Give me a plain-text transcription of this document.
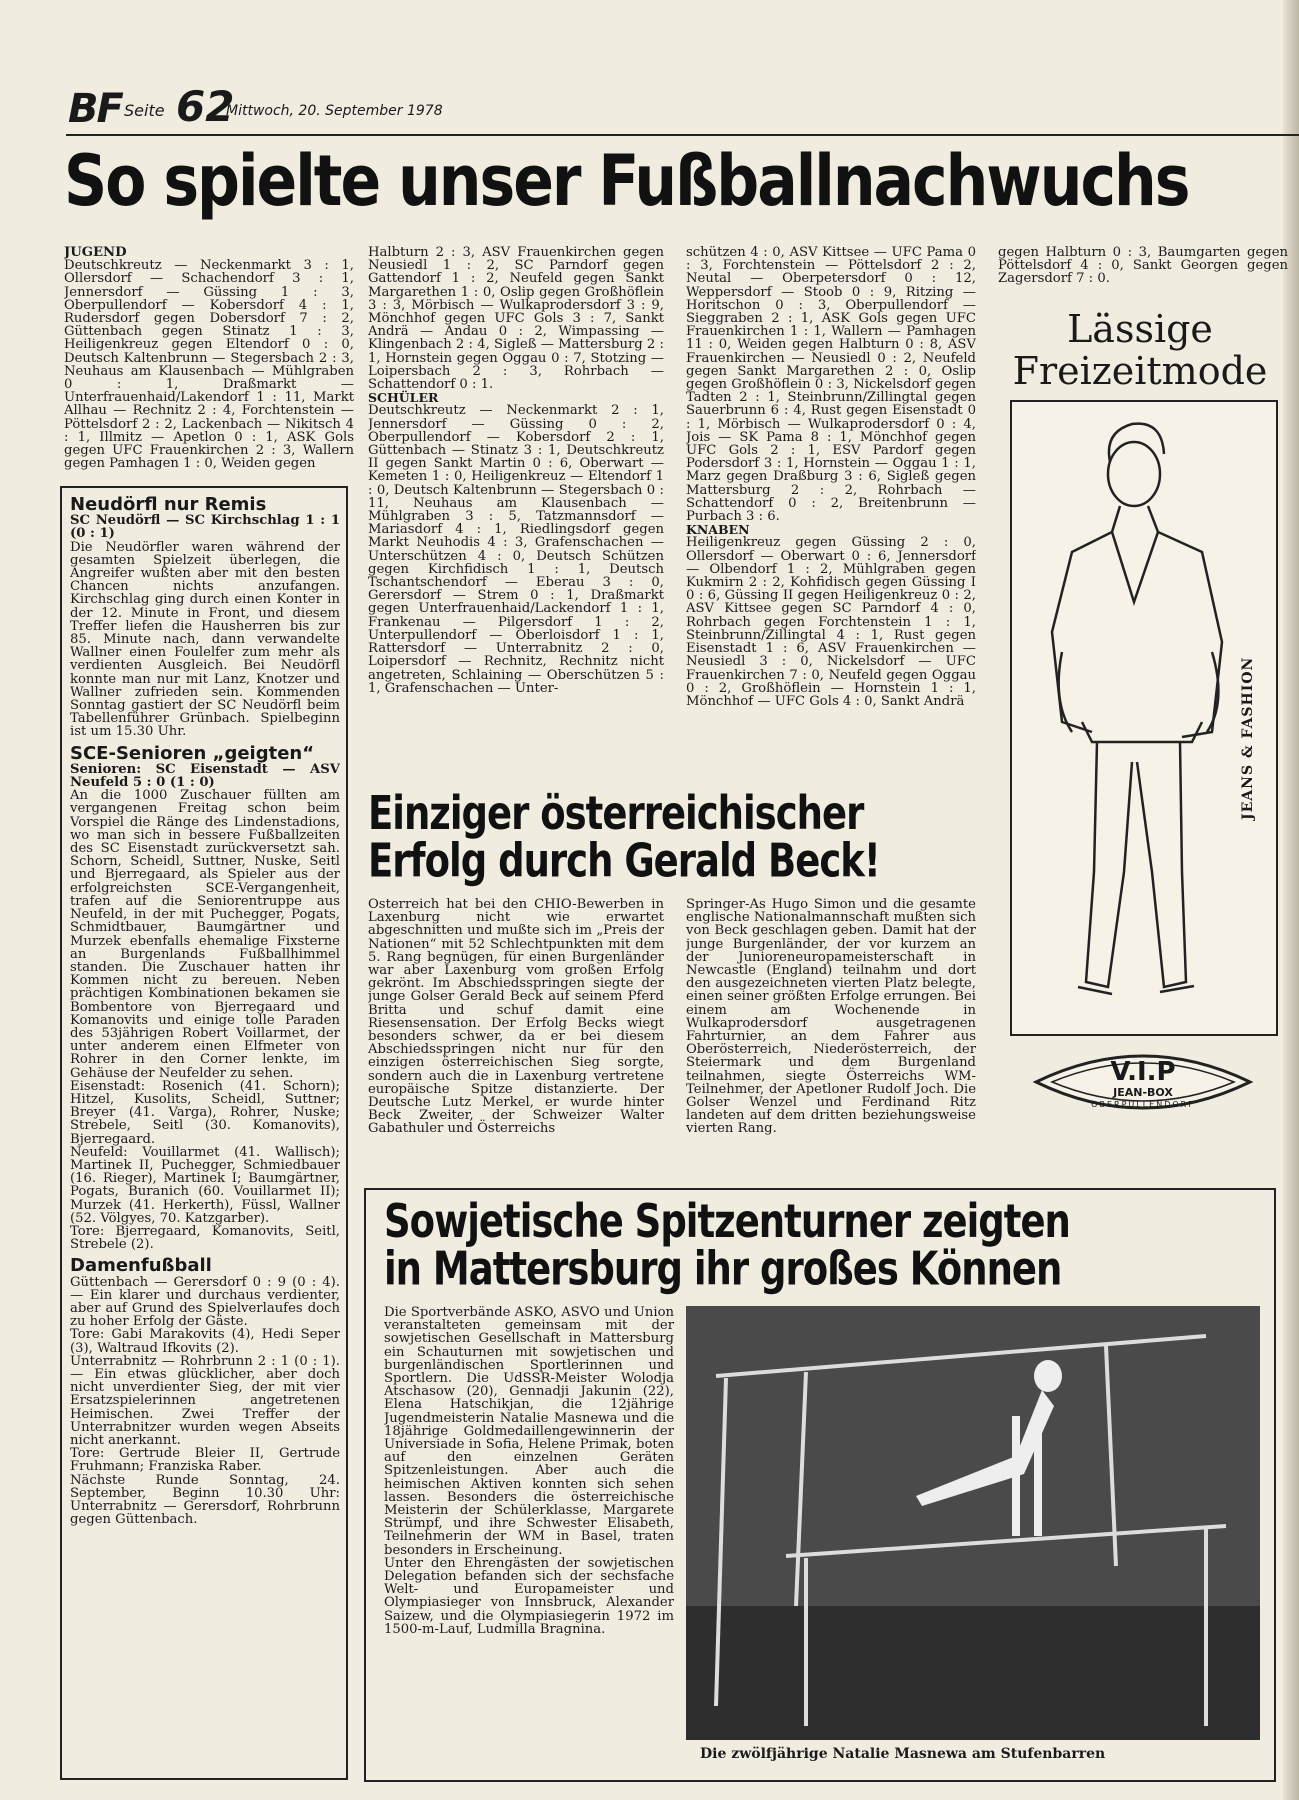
BF Seite 62
Mittwoch, 20. September 1978
So spielte unser Fußballnachwuchs

JUGEND

Deutschkreutz — Neckenmarkt 3 : 1, Ollersdorf — Schachendorf 3 : 1, Jennersdorf — Güssing 1 : 3, Oberpullendorf — Kobersdorf 4 : 1, Rudersdorf gegen Dobersdorf 7 : 2, Güttenbach gegen Stinatz 1 : 3, Heiligenkreuz gegen Eltendorf 0 : 0, Deutsch Kaltenbrunn — Stegersbach 2 : 3, Neuhaus am Klausenbach — Mühlgraben 0 : 1, Draßmarkt — Unterfrauenhaid/Lakendorf 1 : 11, Markt Allhau — Rechnitz 2 : 4, Forchtenstein — Pöttelsdorf 2 : 2, Lackenbach — Nikitsch 4 : 1, Illmitz — Apetlon 0 : 1, ASK Gols gegen UFC Frauenkirchen 2 : 3, Wallern gegen Pamhagen 1 : 0, Weiden gegen

Neudörfl nur Remis

SC Neudörfl — SC Kirchschlag 1 : 1 (0 : 1)

Die Neudörfler waren während der gesamten Spielzeit überlegen, die Angreifer wußten aber mit den besten Chancen nichts anzufangen. Kirchschlag ging durch einen Konter in der 12. Minute in Front, und diesem Treffer liefen die Hausherren bis zur 85. Minute nach, dann verwandelte Wallner einen Foulelfer zum mehr als verdienten Ausgleich. Bei Neudörfl konnte man nur mit Lanz, Knotzer und Wallner zufrieden sein. Kommenden Sonntag gastiert der SC Neudörfl beim Tabellenführer Grünbach. Spielbeginn ist um 15.30 Uhr.

SCE-Senioren „geigten“

Senioren: SC Eisenstadt — ASV Neufeld 5 : 0 (1 : 0)

An die 1000 Zuschauer füllten am vergangenen Freitag schon beim Vorspiel die Ränge des Lindenstadions, wo man sich in bessere Fußballzeiten des SC Eisenstadt zurückversetzt sah. Schorn, Scheidl, Suttner, Nuske, Seitl und Bjerregaard, als Spieler aus der erfolgreichsten SCE-Vergangenheit, trafen auf die Seniorentruppe aus Neufeld, in der mit Puchegger, Pogats, Schmidtbauer, Baumgärtner und Murzek ebenfalls ehemalige Fixsterne an Burgenlands Fußballhimmel standen. Die Zuschauer hatten ihr Kommen nicht zu bereuen. Neben prächtigen Kombinationen bekamen sie Bombentore von Bjerregaard und Komanovits und einige tolle Paraden des 53jährigen Robert Voillarmet, der unter anderem einen Elfmeter von Rohrer in den Corner lenkte, im Gehäuse der Neufelder zu sehen.

Eisenstadt: Rosenich (41. Schorn); Hitzel, Kusolits, Scheidl, Suttner; Breyer (41. Varga), Rohrer, Nuske; Strebele, Seitl (30. Komanovits), Bjerregaard.

Neufeld: Vouillarmet (41. Wallisch); Martinek II, Puchegger, Schmiedbauer (16. Rieger), Martinek I; Baumgärtner, Pogats, Buranich (60. Vouillarmet II); Murzek (41. Herkerth), Füssl, Wallner (52. Völgyes, 70. Katzgarber).

Tore: Bjerregaard, Komanovits, Seitl, Strebele (2).

Damenfußball

Güttenbach — Gerersdorf 0 : 9 (0 : 4). — Ein klarer und durchaus verdienter, aber auf Grund des Spielverlaufes doch zu hoher Erfolg der Gäste.

Tore: Gabi Marakovits (4), Hedi Seper (3), Waltraud Ifkovits (2).

Unterrabnitz — Rohrbrunn 2 : 1 (0 : 1). — Ein etwas glücklicher, aber doch nicht unverdienter Sieg, der mit vier Ersatzspielerinnen angetretenen Heimischen. Zwei Treffer der Unterrabnitzer wurden wegen Abseits nicht anerkannt.

Tore: Gertrude Bleier II, Gertrude Fruhmann; Franziska Raber.

Nächste Runde Sonntag, 24. September, Beginn 10.30 Uhr: Unterrabnitz — Gerersdorf, Rohrbrunn gegen Güttenbach.

Halbturn 2 : 3, ASV Frauenkirchen gegen Neusiedl 1 : 2, SC Parndorf gegen Gattendorf 1 : 2, Neufeld gegen Sankt Margarethen 1 : 0, Oslip gegen Großhöflein 3 : 3, Mörbisch — Wulkaprodersdorf 3 : 9, Mönchhof gegen UFC Gols 3 : 7, Sankt Andrä — Andau 0 : 2, Wimpassing — Klingenbach 2 : 4, Sigleß — Mattersburg 2 : 1, Hornstein gegen Oggau 0 : 7, Stotzing — Loipersbach 2 : 3, Rohrbach — Schattendorf 0 : 1.

SCHÜLER

Deutschkreutz — Neckenmarkt 2 : 1, Jennersdorf — Güssing 0 : 2, Oberpullendorf — Kobersdorf 2 : 1, Güttenbach — Stinatz 3 : 1, Deutschkreutz II gegen Sankt Martin 0 : 6, Oberwart — Kemeten 1 : 0, Heiligenkreuz — Eltendorf 1 : 0, Deutsch Kaltenbrunn — Stegersbach 0 : 11, Neuhaus am Klausenbach — Mühlgraben 3 : 5, Tatzmannsdorf — Mariasdorf 4 : 1, Riedlingsdorf gegen Markt Neuhodis 4 : 3, Grafenschachen — Unterschützen 4 : 0, Deutsch Schützen gegen Kirchfidisch 1 : 1, Deutsch Tschantschendorf — Eberau 3 : 0, Gerersdorf — Strem 0 : 1, Draßmarkt gegen Unterfrauenhaid/Lackendorf 1 : 1, Frankenau — Pilgersdorf 1 : 2, Unterpullendorf — Oberloisdorf 1 : 1, Rattersdorf — Unterrabnitz 2 : 0, Loipersdorf — Rechnitz, Rechnitz nicht angetreten, Schlaining — Oberschützen 5 : 1, Grafenschachen — Unter-

schützen 4 : 0, ASV Kittsee — UFC Pama 0 : 3, Forchtenstein — Pöttelsdorf 2 : 2, Neutal — Oberpetersdorf 0 : 12, Weppersdorf — Stoob 0 : 9, Ritzing — Horitschon 0 : 3, Oberpullendorf — Sieggraben 2 : 1, ASK Gols gegen UFC Frauenkirchen 1 : 1, Wallern — Pamhagen 11 : 0, Weiden gegen Halbturn 0 : 8, ASV Frauenkirchen — Neusiedl 0 : 2, Neufeld gegen Sankt Margarethen 2 : 0, Oslip gegen Großhöflein 0 : 3, Nickelsdorf gegen Tadten 2 : 1, Steinbrunn/Zillingtal gegen Sauerbrunn 6 : 4, Rust gegen Eisenstadt 0 : 1, Mörbisch — Wulkaprodersdorf 0 : 4, Jois — SK Pama 8 : 1, Mönchhof gegen UFC Gols 2 : 1, ESV Pardorf gegen Podersdorf 3 : 1, Hornstein — Oggau 1 : 1, Marz gegen Draßburg 3 : 6, Sigleß gegen Mattersburg 2 : 2, Rohrbach — Schattendorf 0 : 2, Breitenbrunn — Purbach 3 : 6.

KNABEN

Heiligenkreuz gegen Güssing 2 : 0, Ollersdorf — Oberwart 0 : 6, Jennersdorf — Olbendorf 1 : 2, Mühlgraben gegen Kukmirn 2 : 2, Kohfidisch gegen Güssing I 0 : 6, Güssing II gegen Heiligenkreuz 0 : 2, ASV Kittsee gegen SC Parndorf 4 : 0, Rohrbach gegen Forchtenstein 1 : 1, Steinbrunn/Zillingtal 4 : 1, Rust gegen Eisenstadt 1 : 6, ASV Frauenkirchen — Neusiedl 3 : 0, Nickelsdorf — UFC Frauenkirchen 7 : 0, Neufeld gegen Oggau 0 : 2, Großhöflein — Hornstein 1 : 1, Mönchhof — UFC Gols 4 : 0, Sankt Andrä

gegen Halbturn 0 : 3, Baumgarten gegen Pöttelsdorf 4 : 0, Sankt Georgen gegen Zagersdorf 7 : 0.

Lässige
Freizeitmode
JEANS & FASHION
V.I.P
JEAN-BOX
OBERPULLENDORF
Einziger österreichischer
Erfolg durch Gerald Beck!

Österreich hat bei den CHIO-Bewerben in Laxenburg nicht wie erwartet abgeschnitten und mußte sich im „Preis der Nationen“ mit 52 Schlechtpunkten mit dem 5. Rang begnügen, für einen Burgenländer war aber Laxenburg vom großen Erfolg gekrönt. Im Abschiedsspringen siegte der junge Golser Gerald Beck auf seinem Pferd Britta und schuf damit eine Riesensensation. Der Erfolg Becks wiegt besonders schwer, da er bei diesem Abschiedsspringen nicht nur für den einzigen österreichischen Sieg sorgte, sondern auch die in Laxenburg vertretene europäische Spitze distanzierte. Der Deutsche Lutz Merkel, er wurde hinter Beck Zweiter, der Schweizer Walter Gabathuler und Österreichs

Springer-As Hugo Simon und die gesamte englische Nationalmannschaft mußten sich von Beck geschlagen geben. Damit hat der junge Burgenländer, der vor kurzem an der Junioreneuropameisterschaft in Newcastle (England) teilnahm und dort den ausgezeichneten vierten Platz belegte, einen seiner größten Erfolge errungen. Bei einem am Wochenende in Wulkaprodersdorf ausgetragenen Fahrturnier, an dem Fahrer aus Oberösterreich, Niederösterreich, der Steiermark und dem Burgenland teilnahmen, siegte Österreichs WM-Teilnehmer, der Apetloner Rudolf Joch. Die Golser Wenzel und Ferdinand Ritz landeten auf dem dritten beziehungsweise vierten Rang.

Sowjetische Spitzenturner zeigten
in Mattersburg ihr großes Können

Die Sportverbände ASKÖ, ASVÖ und Union veranstalteten gemeinsam mit der sowjetischen Gesellschaft in Mattersburg ein Schauturnen mit sowjetischen und burgenländischen Sportlerinnen und Sportlern. Die UdSSR-Meister Wolodja Atschasow (20), Gennadji Jakunin (22), Elena Hatschikjan, die 12jährige Jugendmeisterin Natalie Masnewa und die 18jährige Goldmedaillengewinnerin der Universiade in Sofia, Helene Primak, boten auf den einzelnen Geräten Spitzenleistungen. Aber auch die heimischen Aktiven konnten sich sehen lassen. Besonders die österreichische Meisterin der Schülerklasse, Margarete Strümpf, und ihre Schwester Elisabeth, Teilnehmerin der WM in Basel, traten besonders in Erscheinung.

Unter den Ehrengästen der sowjetischen Delegation befanden sich der sechsfache Welt- und Europameister und Olympiasieger von Innsbruck, Alexander Saizew, und die Olympiasiegerin 1972 im 1500-m-Lauf, Ludmilla Bragnina.

Die zwölfjährige Natalie Masnewa am Stufenbarren
